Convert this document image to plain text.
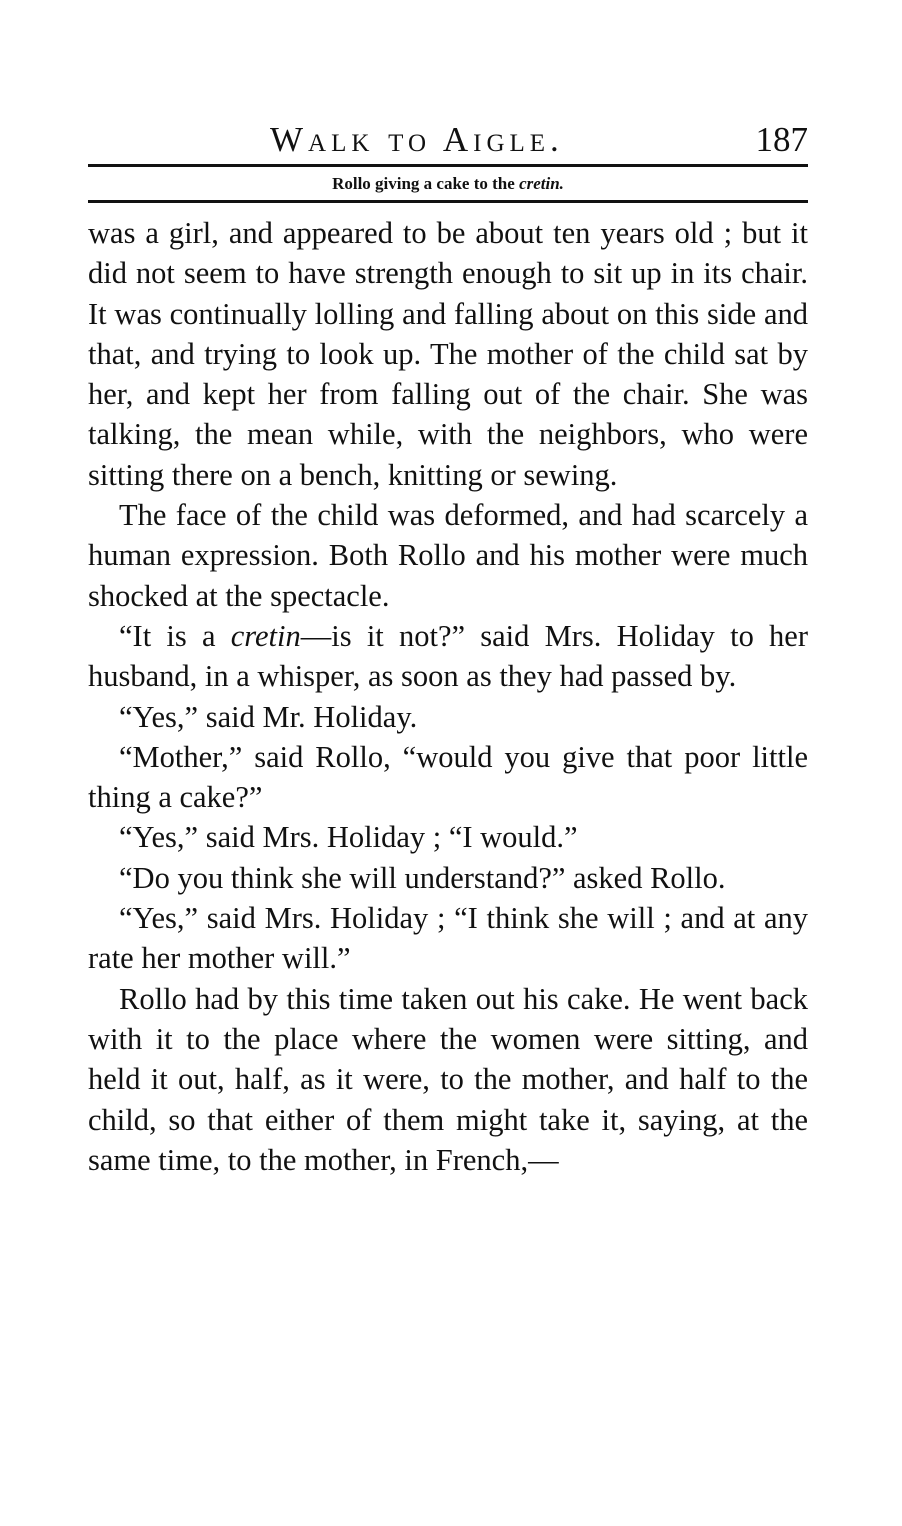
Walk to Aigle.	187
Rollo giving a cake to the cretin.

was a girl, and appeared to be about ten years old ; but it did not seem to have strength enough to sit up in its chair. It was continually lolling and falling about on this side and that, and trying to look up. The mother of the child sat by her, and kept her from falling out of the chair. She was talking, the mean while, with the neighbors, who were sitting there on a bench, knitting or sewing.

The face of the child was deformed, and had scarcely a human expression. Both Rollo and his mother were much shocked at the spectacle.

“It is a cretin—is it not?” said Mrs. Holiday to her husband, in a whisper, as soon as they had passed by.

“Yes,” said Mr. Holiday.

“Mother,” said Rollo, “would you give that poor little thing a cake?”

“Yes,” said Mrs. Holiday ; “I would.”

“Do you think she will understand?” asked Rollo.

“Yes,” said Mrs. Holiday ; “I think she will ; and at any rate her mother will.”

Rollo had by this time taken out his cake. He went back with it to the place where the women were sitting, and held it out, half, as it were, to the mother, and half to the child, so that either of them might take it, saying, at the same time, to the mother, in French,—
